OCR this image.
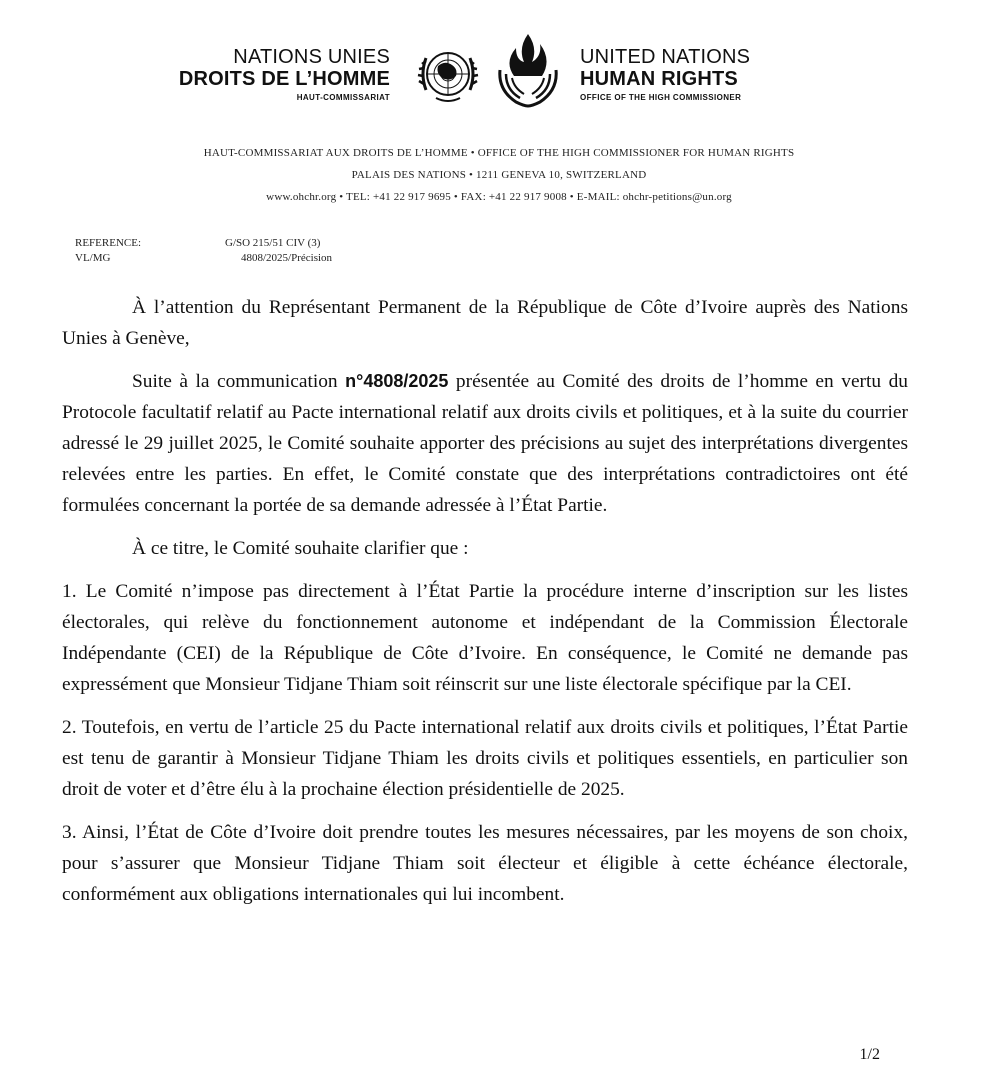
NATIONS UNIES
DROITS DE L’HOMME
HAUT-COMMISSARIAT
UNITED NATIONS
HUMAN RIGHTS
OFFICE OF THE HIGH COMMISSIONER
HAUT-COMMISSARIAT AUX DROITS DE L’HOMME • OFFICE OF THE HIGH COMMISSIONER FOR HUMAN RIGHTS
PALAIS DES NATIONS • 1211 GENEVA 10, SWITZERLAND
www.ohchr.org • TEL: +41 22 917 9695 • FAX: +41 22 917 9008 • E-MAIL: ohchr-petitions@un.org
REFERENCE:	G/SO 215/51 CIV (3)
VL/MG	4808/2025/Précision

À l’attention du Représentant Permanent de la République de Côte d’Ivoire auprès des Nations Unies à Genève,

Suite à la communication n°4808/2025 présentée au Comité des droits de l’homme en vertu du Protocole facultatif relatif au Pacte international relatif aux droits civils et politiques, et à la suite du courrier adressé le 29 juillet 2025, le Comité souhaite apporter des précisions au sujet des interprétations divergentes relevées entre les parties. En effet, le Comité constate que des interprétations contradictoires ont été formulées concernant la portée de sa demande adressée à l’État Partie.

À ce titre, le Comité souhaite clarifier que :

1. Le Comité n’impose pas directement à l’État Partie la procédure interne d’inscription sur les listes électorales, qui relève du fonctionnement autonome et indépendant de la Commission Électorale Indépendante (CEI) de la République de Côte d’Ivoire. En conséquence, le Comité ne demande pas expressément que Monsieur Tidjane Thiam soit réinscrit sur une liste électorale spécifique par la CEI.

2. Toutefois, en vertu de l’article 25 du Pacte international relatif aux droits civils et politiques, l’État Partie est tenu de garantir à Monsieur Tidjane Thiam les droits civils et politiques essentiels, en particulier son droit de voter et d’être élu à la prochaine élection présidentielle de 2025.

3. Ainsi, l’État de Côte d’Ivoire doit prendre toutes les mesures nécessaires, par les moyens de son choix, pour s’assurer que Monsieur Tidjane Thiam soit électeur et éligible à cette échéance électorale, conformément aux obligations internationales qui lui incombent.

1/2
